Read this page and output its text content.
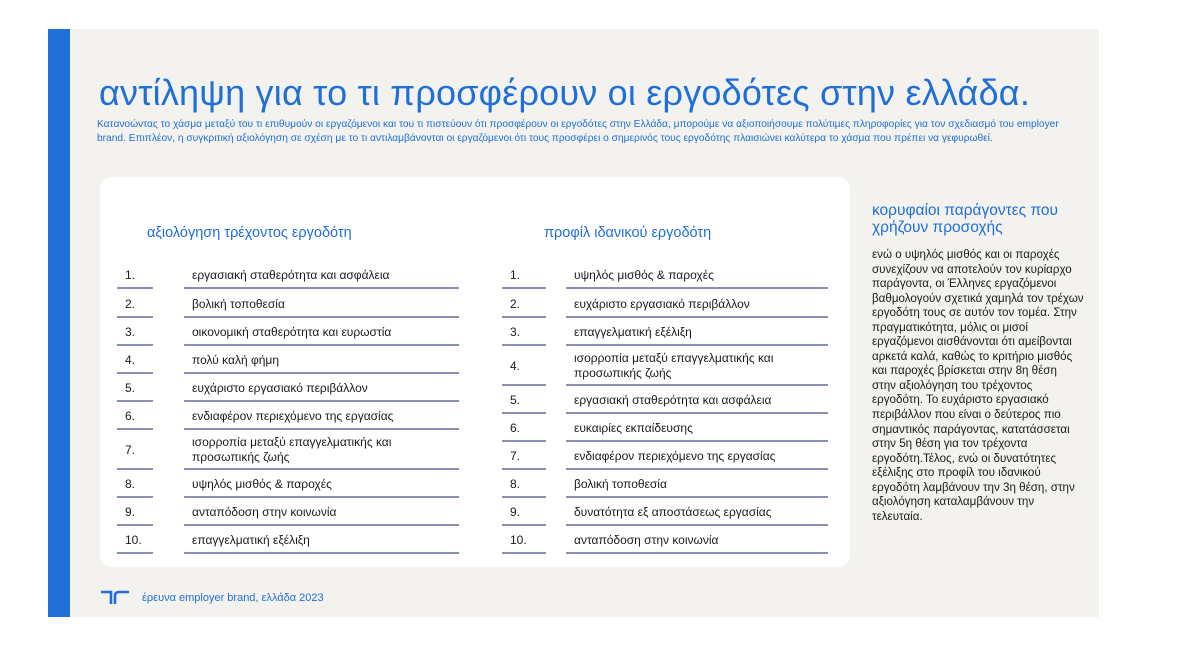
αντίληψη για το τι προσφέρουν οι εργοδότες στην ελλάδα.
Κατανοώντας το χάσμα μεταξύ του τι επιθυμούν οι εργαζόμενοι και του τι πιστεύουν ότι προσφέρουν οι εργοδότες στην Ελλάδα, μπορούμε να αξιοποιήσουμε πολύτιμες πληροφορίες για τον σχεδιασμό του employer brand. Επιπλέον, η συγκριτική αξιολόγηση σε σχέση με το τι αντιλαμβάνονται οι εργαζόμενοι ότι τους προσφέρει ο σημερινός τους εργοδότης πλαισιώνει καλύτερα το χάσμα που πρέπει να γεφυρωθεί.
αξιολόγηση τρέχοντος εργοδότη
1.	εργασιακή σταθερότητα και ασφάλεια
2.	βολική τοποθεσία
3.	οικονομική σταθερότητα και ευρωστία
4.	πολύ καλή φήμη
5.	ευχάριστο εργασιακό περιβάλλον
6.	ενδιαφέρον περιεχόμενο της εργασίας
7.
ισορροπία μεταξύ επαγγελματικής και προσωπικής ζωής
8.	υψηλός μισθός & παροχές
9.	ανταπόδοση στην κοινωνία
10.	επαγγελματική εξέλιξη
προφίλ ιδανικού εργοδότη
1.	υψηλός μισθός & παροχές
2.	ευχάριστο εργασιακό περιβάλλον
3.	επαγγελματική εξέλιξη
4.
ισορροπία μεταξύ επαγγελματικής και προσωπικής ζωής
5.	εργασιακή σταθερότητα και ασφάλεια
6.	ευκαιρίες εκπαίδευσης
7.	ενδιαφέρον περιεχόμενο της εργασίας
8.	βολική τοποθεσία
9.	δυνατότητα εξ αποστάσεως εργασίας
10.	ανταπόδοση στην κοινωνία
κορυφαίοι παράγοντες που χρήζουν προσοχής
ενώ ο υψηλός μισθός και οι παροχές συνεχίζουν να αποτελούν τον κυρίαρχο παράγοντα, οι Έλληνες εργαζόμενοι βαθμολογούν σχετικά χαμηλά τον τρέχων εργοδότη τους σε αυτόν τον τομέα. Στην πραγματικότητα, μόλις οι μισοί εργαζόμενοι αισθάνονται ότι αμείβονται αρκετά καλά, καθώς το κριτήριο μισθός και παροχές βρίσκεται στην 8η θέση στην αξιολόγηση του τρέχοντος εργοδότη. Το ευχάριστο εργασιακό περιβάλλον που είναι ο δεύτερος πιο σημαντικός παράγοντας, κατατάσσεται στην 5η θέση για τον τρέχοντα εργοδότη.Τέλος, ενώ οι δυνατότητες εξέλιξης στο προφίλ του ιδανικού εργοδότη λαμβάνουν την 3η θέση, στην αξιολόγηση καταλαμβάνουν την τελευταία.
έρευνα employer brand, ελλάδα 2023
